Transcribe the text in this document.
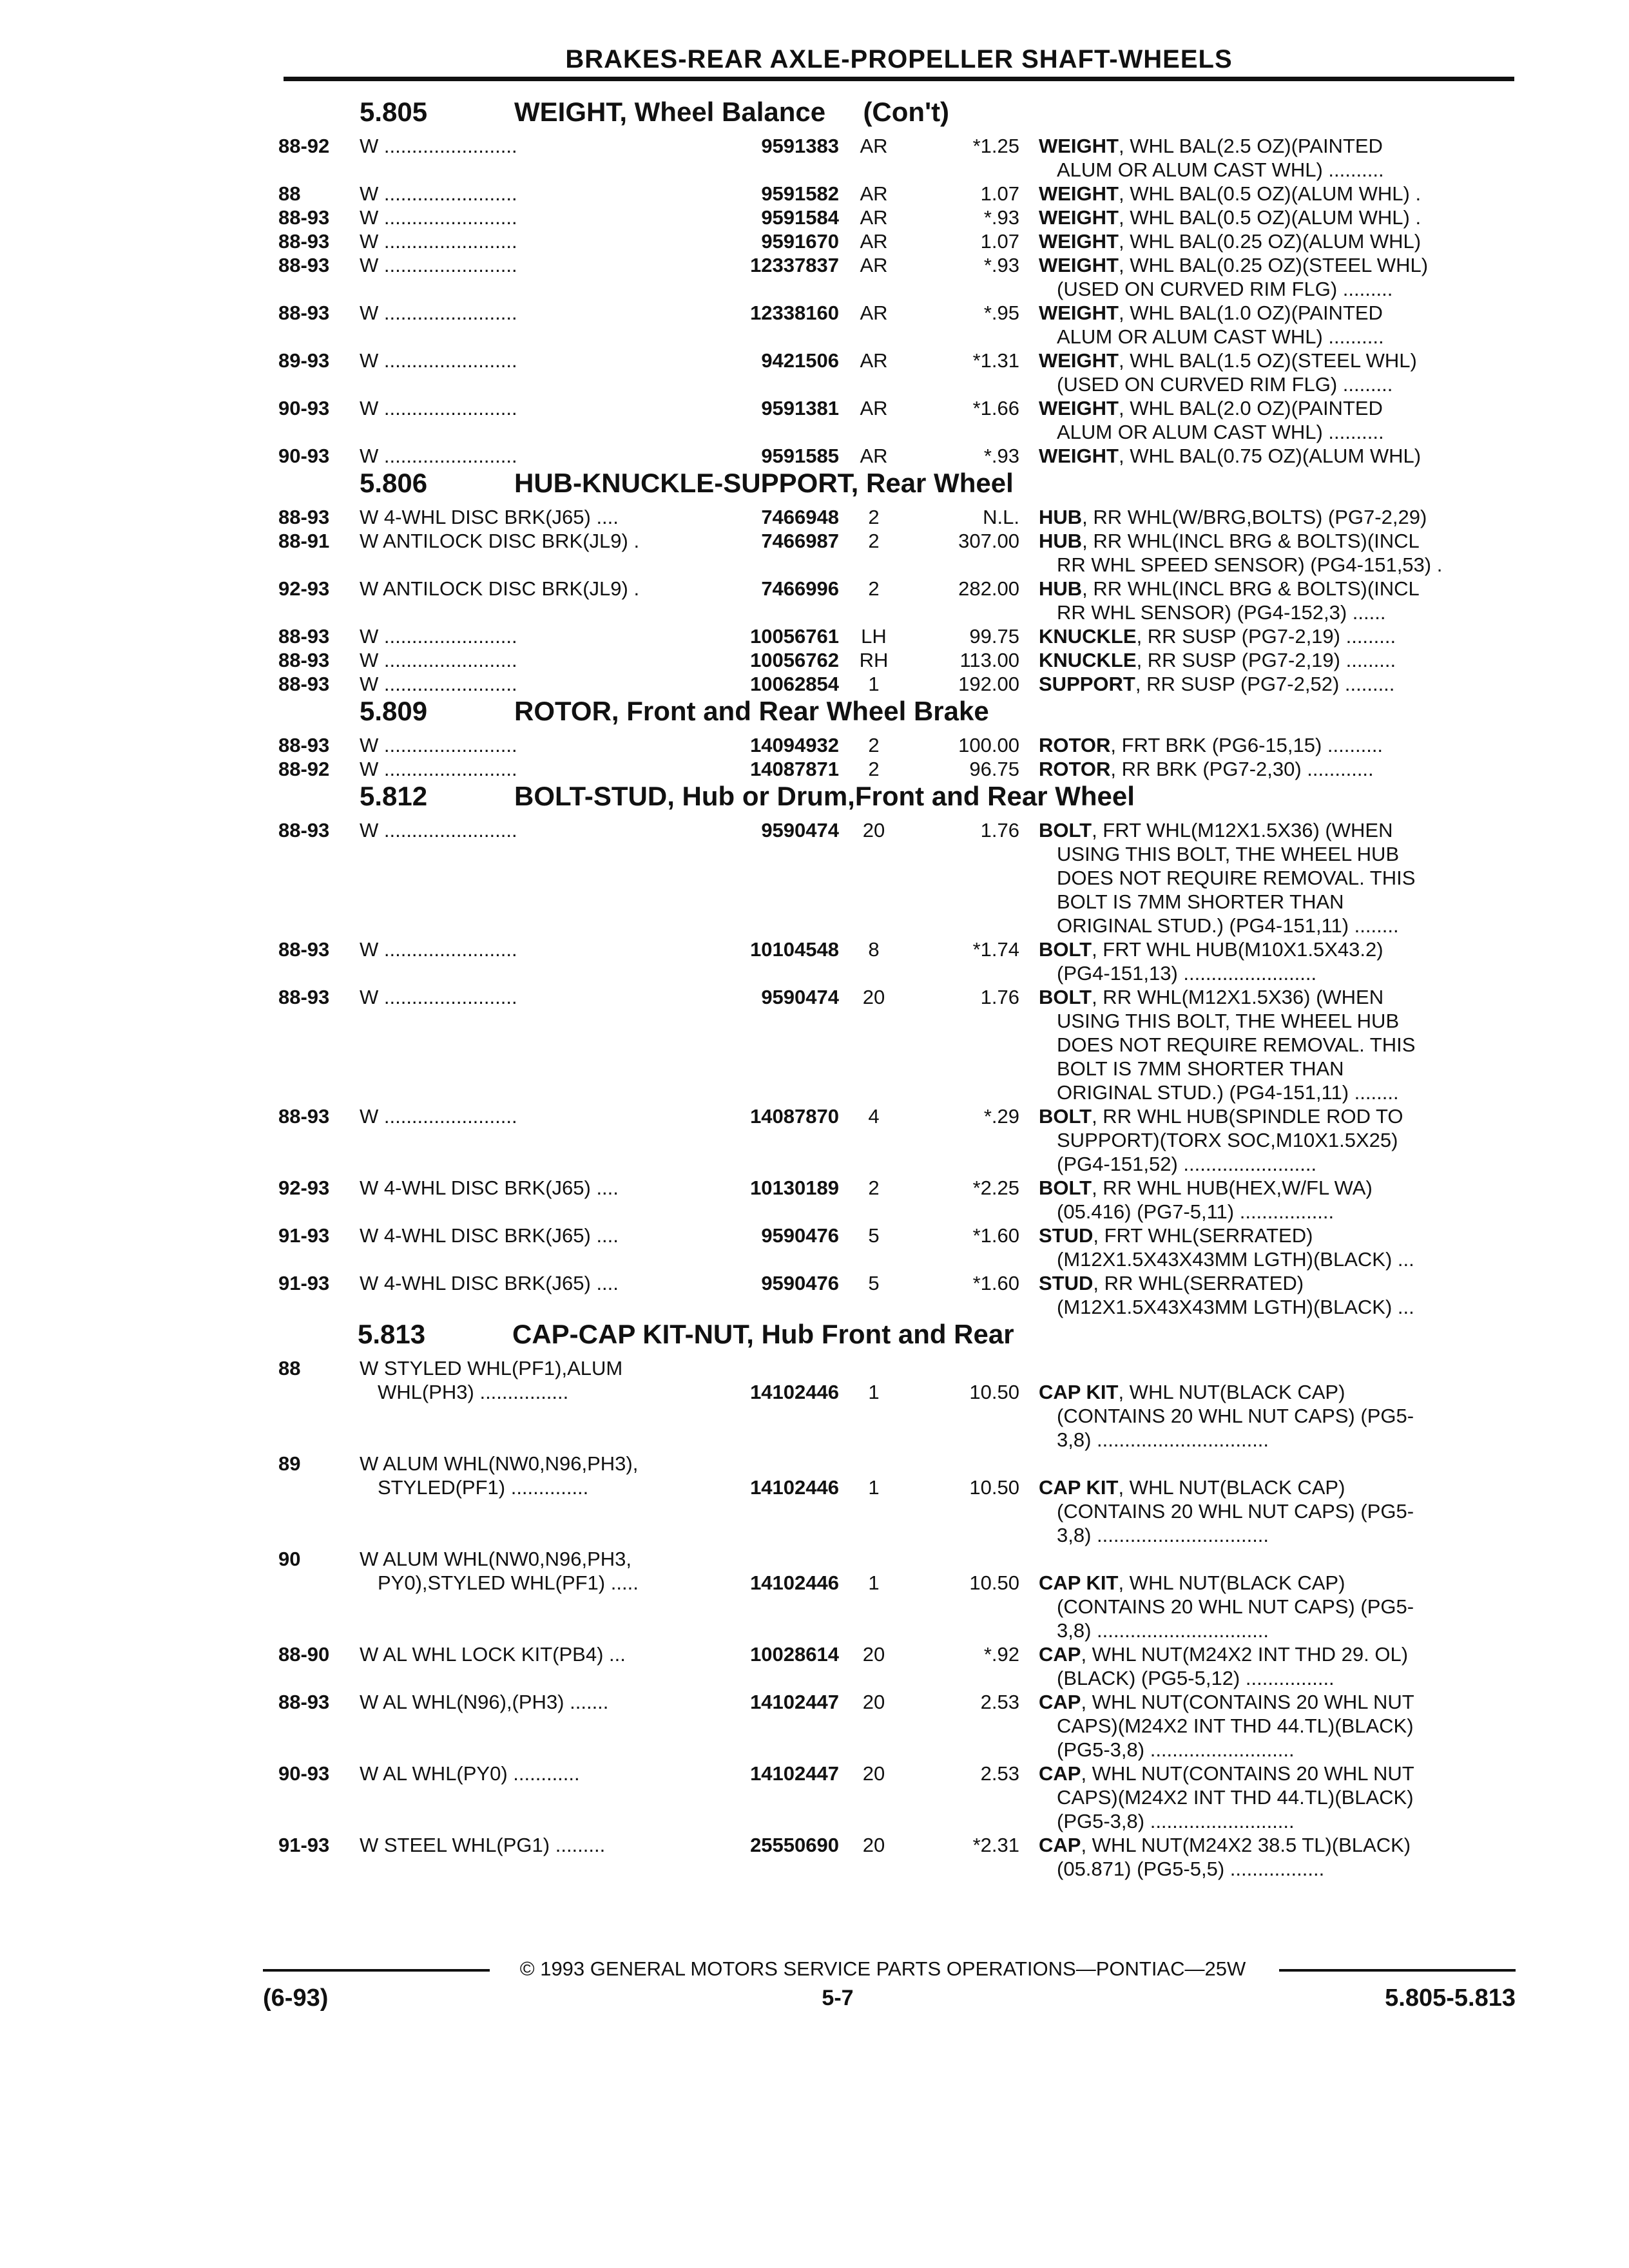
BRAKES-REAR AXLE-PROPELLER SHAFT-WHEELS
5.805	WEIGHT, Wheel Balance     (Con't)
88-92 W ........................	9591383	AR	*1.25 WEIGHT, WHL BAL(2.5 OZ)(PAINTED
ALUM OR ALUM CAST WHL) ..........
88	W ........................	9591582	AR	1.07 WEIGHT, WHL BAL(0.5 OZ)(ALUM WHL) .
88-93 W ........................	9591584	AR	*.93 WEIGHT, WHL BAL(0.5 OZ)(ALUM WHL) .
88-93 W ........................	9591670	AR	1.07 WEIGHT, WHL BAL(0.25 OZ)(ALUM WHL)
88-93 W ........................	12337837	AR	*.93 WEIGHT, WHL BAL(0.25 OZ)(STEEL WHL)
(USED ON CURVED RIM FLG) .........
88-93 W ........................	12338160	AR	*.95 WEIGHT, WHL BAL(1.0 OZ)(PAINTED
ALUM OR ALUM CAST WHL) ..........
89-93 W ........................	9421506	AR	*1.31 WEIGHT, WHL BAL(1.5 OZ)(STEEL WHL)
(USED ON CURVED RIM FLG) .........
90-93 W ........................	9591381	AR	*1.66 WEIGHT, WHL BAL(2.0 OZ)(PAINTED
ALUM OR ALUM CAST WHL) ..........
90-93 W ........................	9591585	AR	*.93 WEIGHT, WHL BAL(0.75 OZ)(ALUM WHL)
5.806	HUB-KNUCKLE-SUPPORT, Rear Wheel
88-93 W 4-WHL DISC BRK(J65) ....	7466948	2	N.L. HUB, RR WHL(W/BRG,BOLTS) (PG7-2,29)
88-91 W ANTILOCK DISC BRK(JL9) .	7466987	2	307.00 HUB, RR WHL(INCL BRG & BOLTS)(INCL
RR WHL SPEED SENSOR) (PG4-151,53) .
92-93 W ANTILOCK DISC BRK(JL9) .	7466996	2	282.00 HUB, RR WHL(INCL BRG & BOLTS)(INCL
RR WHL SENSOR) (PG4-152,3) ......
88-93 W ........................	10056761	LH	99.75 KNUCKLE, RR SUSP (PG7-2,19) .........
88-93 W ........................	10056762	RH	113.00 KNUCKLE, RR SUSP (PG7-2,19) .........
88-93 W ........................	10062854	1	192.00 SUPPORT, RR SUSP (PG7-2,52) .........
5.809	ROTOR, Front and Rear Wheel Brake
88-93 W ........................	14094932	2	100.00 ROTOR, FRT BRK (PG6-15,15) ..........
88-92 W ........................	14087871	2	96.75 ROTOR, RR BRK (PG7-2,30) ............
5.812	BOLT-STUD, Hub or Drum,Front and Rear Wheel
88-93 W ........................	9590474	20	1.76 BOLT, FRT WHL(M12X1.5X36) (WHEN
USING THIS BOLT, THE WHEEL HUB
DOES NOT REQUIRE REMOVAL. THIS
BOLT IS 7MM SHORTER THAN
ORIGINAL STUD.) (PG4-151,11) ........
88-93 W ........................	10104548	8	*1.74 BOLT, FRT WHL HUB(M10X1.5X43.2)
(PG4-151,13) ........................
88-93 W ........................	9590474	20	1.76 BOLT, RR WHL(M12X1.5X36) (WHEN
USING THIS BOLT, THE WHEEL HUB
DOES NOT REQUIRE REMOVAL. THIS
BOLT IS 7MM SHORTER THAN
ORIGINAL STUD.) (PG4-151,11) ........
88-93 W ........................	14087870	4	*.29 BOLT, RR WHL HUB(SPINDLE ROD TO
SUPPORT)(TORX SOC,M10X1.5X25)
(PG4-151,52) ........................
92-93 W 4-WHL DISC BRK(J65) ....	10130189	2	*2.25 BOLT, RR WHL HUB(HEX,W/FL WA)
(05.416) (PG7-5,11) .................
91-93 W 4-WHL DISC BRK(J65) ....	9590476	5	*1.60 STUD, FRT WHL(SERRATED)
(M12X1.5X43X43MM LGTH)(BLACK) ...
91-93 W 4-WHL DISC BRK(J65) ....	9590476	5	*1.60 STUD, RR WHL(SERRATED)
(M12X1.5X43X43MM LGTH)(BLACK) ...
5.813	CAP-CAP KIT-NUT, Hub Front and Rear
88	W STYLED WHL(PF1),ALUM
WHL(PH3) ................	14102446	1	10.50 CAP KIT, WHL NUT(BLACK CAP)
(CONTAINS 20 WHL NUT CAPS) (PG5-
3,8) ...............................
89	W ALUM WHL(NW0,N96,PH3),
STYLED(PF1) ..............	14102446	1	10.50 CAP KIT, WHL NUT(BLACK CAP)
(CONTAINS 20 WHL NUT CAPS) (PG5-
3,8) ...............................
90	W ALUM WHL(NW0,N96,PH3,
PY0),STYLED WHL(PF1) .....	14102446	1	10.50 CAP KIT, WHL NUT(BLACK CAP)
(CONTAINS 20 WHL NUT CAPS) (PG5-
3,8) ...............................
88-90 W AL WHL LOCK KIT(PB4) ...	10028614	20	*.92 CAP, WHL NUT(M24X2 INT THD 29. OL)
(BLACK) (PG5-5,12) ................
88-93 W AL WHL(N96),(PH3) .......	14102447	20	2.53 CAP, WHL NUT(CONTAINS 20 WHL NUT
CAPS)(M24X2 INT THD 44.TL)(BLACK)
(PG5-3,8) ..........................
90-93 W AL WHL(PY0) ............	14102447	20	2.53 CAP, WHL NUT(CONTAINS 20 WHL NUT
CAPS)(M24X2 INT THD 44.TL)(BLACK)
(PG5-3,8) ..........................
91-93 W STEEL WHL(PG1) .........	25550690	20	*2.31 CAP, WHL NUT(M24X2 38.5 TL)(BLACK)
(05.871) (PG5-5,5) .................
© 1993 GENERAL MOTORS SERVICE PARTS OPERATIONS—PONTIAC—25W
(6-93)	5-7	5.805-5.813
